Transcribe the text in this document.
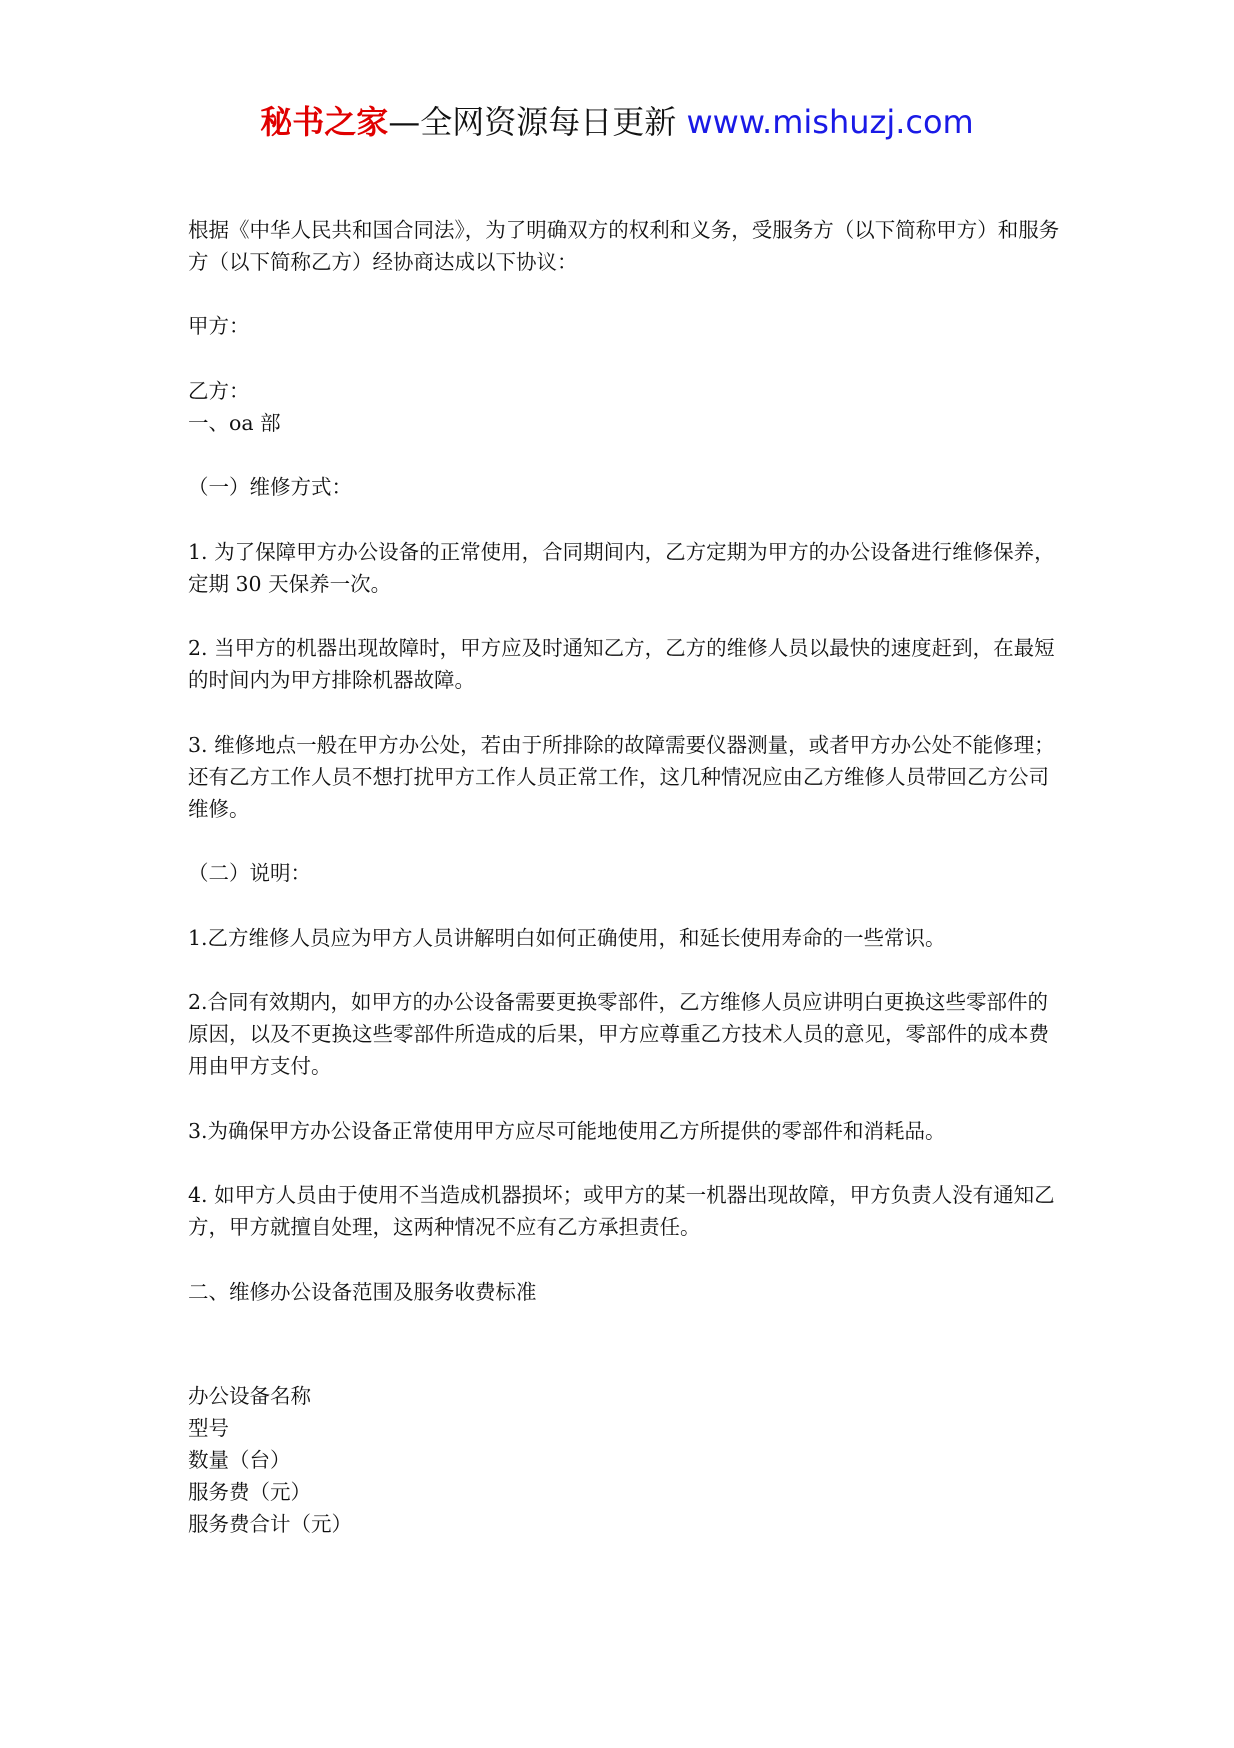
秘书之家—全网资源每日更新 www.mishuzj.com

根据《中华人民共和国合同法》，为了明确双方的权利和义务，受服务方（以下简称甲方）和服务方（以下简称乙方）经协商达成以下协议：

甲方：

乙方：

一、oa 部

（一）维修方式：

1. 为了保障甲方办公设备的正常使用，合同期间内，乙方定期为甲方的办公设备进行维修保养， 定期 30 天保养一次。

2. 当甲方的机器出现故障时，甲方应及时通知乙方，乙方的维修人员以最快的速度赶到，在最短的时间内为甲方排除机器故障。

3. 维修地点一般在甲方办公处，若由于所排除的故障需要仪器测量，或者甲方办公处不能修理；还有乙方工作人员不想打扰甲方工作人员正常工作，这几种情况应由乙方维修人员带回乙方公司维修。

（二）说明：

1.乙方维修人员应为甲方人员讲解明白如何正确使用，和延长使用寿命的一些常识。

2.合同有效期内，如甲方的办公设备需要更换零部件，乙方维修人员应讲明白更换这些零部件的原因，以及不更换这些零部件所造成的后果，甲方应尊重乙方技术人员的意见，零部件的成本费用由甲方支付。

3.为确保甲方办公设备正常使用甲方应尽可能地使用乙方所提供的零部件和消耗品。

4. 如甲方人员由于使用不当造成机器损坏；或甲方的某一机器出现故障，甲方负责人没有通知乙方，甲方就擅自处理，这两种情况不应有乙方承担责任。

二、维修办公设备范围及服务收费标准

办公设备名称

型号

数量（台）

服务费（元）

服务费合计（元）
